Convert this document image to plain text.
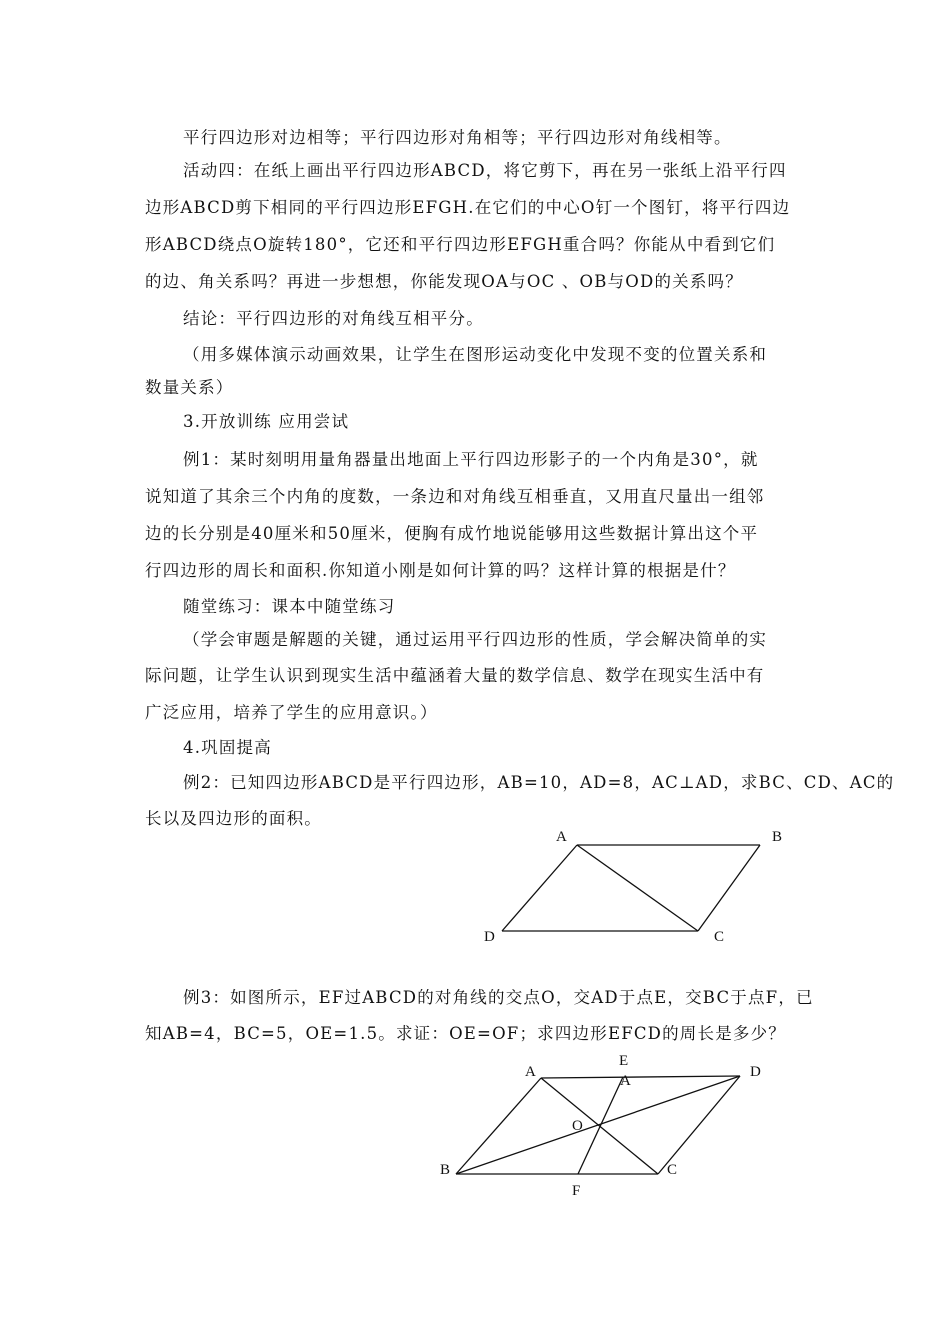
平行四边形对边相等；平行四边形对角相等；平行四边形对角线相等。
活动四：在纸上画出平行四边形ABCD，将它剪下，再在另一张纸上沿平行四
边形ABCD剪下相同的平行四边形EFGH.在它们的中心O钉一个图钉，将平行四边
形ABCD绕点O旋转180°，它还和平行四边形EFGH重合吗？你能从中看到它们
的边、角关系吗？再进一步想想，你能发现OA与OC 、OB与OD的关系吗？
结论：平行四边形的对角线互相平分。
（用多媒体演示动画效果，让学生在图形运动变化中发现不变的位置关系和
数量关系）
3.开放训练 应用尝试
例1：某时刻明用量角器量出地面上平行四边形影子的一个内角是30°，就
说知道了其余三个内角的度数，一条边和对角线互相垂直，又用直尺量出一组邻
边的长分别是40厘米和50厘米，便胸有成竹地说能够用这些数据计算出这个平
行四边形的周长和面积.你知道小刚是如何计算的吗？这样计算的根据是什？
随堂练习：课本中随堂练习
（学会审题是解题的关键，通过运用平行四边形的性质，学会解决简单的实
际问题，让学生认识到现实生活中蕴涵着大量的数学信息、数学在现实生活中有
广泛应用，培养了学生的应用意识。）
4.巩固提高
例2：已知四边形ABCD是平行四边形，AB=10，AD=8，AC⊥AD，求BC、CD、AC的
长以及四边形的面积。
例3：如图所示，EF过ABCD的对角线的交点O，交AD于点E，交BC于点F，已
知AB=4，BC=5，OE=1.5。求证：OE=OF；求四边形EFCD的周长是多少？
A	B
C
D
A
E
A
D
O
B	C
F
